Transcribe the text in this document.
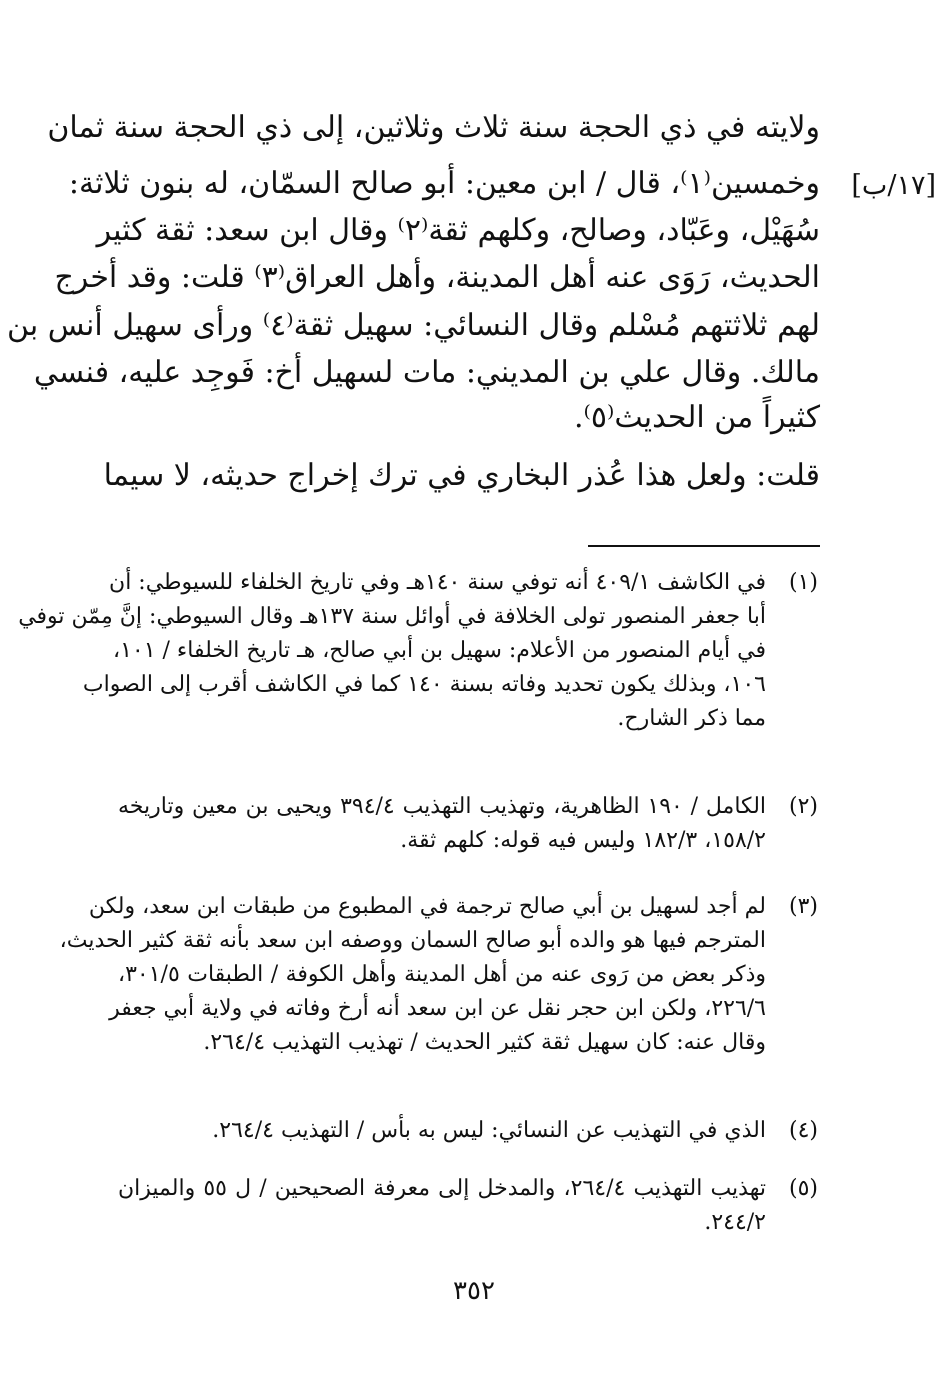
[١٧/ب]
ولايته في ذي الحجة سنة ثلاث وثلاثين، إلى ذي الحجة سنة ثمان
وخمسين⁽١⁾، قال / ابن معين: أبو صالح السمّان، له بنون ثلاثة:
سُهَيْل، وعَبّاد، وصالح، وكلهم ثقة⁽٢⁾ وقال ابن سعد: ثقة كثير
الحديث، رَوَى عنه أهل المدينة، وأهل العراق⁽٣⁾ قلت: وقد أخرج
لهم ثلاثتهم مُسْلم وقال النسائي: سهيل ثقة⁽٤⁾ ورأى سهيل أنس بن
مالك. وقال علي بن المديني: مات لسهيل أخ: فَوجِد عليه، فنسي
كثيراً من الحديث⁽٥⁾.
قلت: ولعل هذا عُذر البخاري في ترك إخراج حديثه، لا سيما
(١)
في الكاشف ٤٠٩/١ أنه توفي سنة ١٤٠هـ وفي تاريخ الخلفاء للسيوطي: أن
أبا جعفر المنصور تولى الخلافة في أوائل سنة ١٣٧هـ وقال السيوطي: إنَّ مِمّن توفي
في أيام المنصور من الأعلام: سهيل بن أبي صالح، هـ تاريخ الخلفاء / ١٠١،
١٠٦، وبذلك يكون تحديد وفاته بسنة ١٤٠ كما في الكاشف أقرب إلى الصواب
مما ذكر الشارح.
(٢)
الكامل / ١٩٠ الظاهرية، وتهذيب التهذيب ٣٩٤/٤ ويحيى بن معين وتاريخه
١٥٨/٢، ١٨٢/٣ وليس فيه قوله: كلهم ثقة.
(٣)
لم أجد لسهيل بن أبي صالح ترجمة في المطبوع من طبقات ابن سعد، ولكن
المترجم فيها هو والده أبو صالح السمان ووصفه ابن سعد بأنه ثقة كثير الحديث،
وذكر بعض من رَوى عنه من أهل المدينة وأهل الكوفة / الطبقات ٣٠١/٥،
٢٢٦/٦، ولكن ابن حجر نقل عن ابن سعد أنه أرخ وفاته في ولاية أبي جعفر
وقال عنه: كان سهيل ثقة كثير الحديث / تهذيب التهذيب ٢٦٤/٤.
(٤)
الذي في التهذيب عن النسائي: ليس به بأس / التهذيب ٢٦٤/٤.
(٥)
تهذيب التهذيب ٢٦٤/٤، والمدخل إلى معرفة الصحيحين / ل ٥٥ والميزان
٢٤٤/٢.
٣٥٢
